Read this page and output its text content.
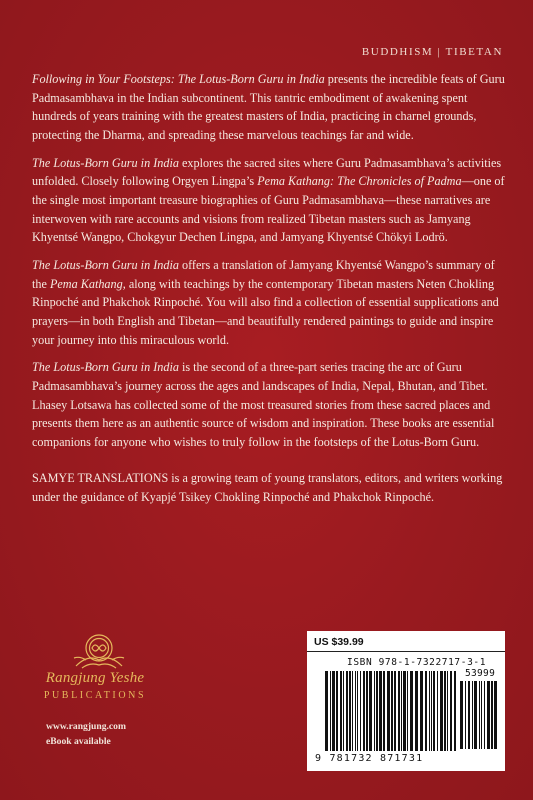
BUDDHISM | TIBETAN

Following in Your Footsteps: The Lotus-Born Guru in India presents the incredible feats of Guru Padmasambhava in the Indian subcontinent. This tantric embodiment of awakening spent hundreds of years training with the greatest masters of India, practicing in charnel grounds, protecting the Dharma, and spreading these marvelous teachings far and wide.

The Lotus-Born Guru in India explores the sacred sites where Guru Padmasambhava’s activities unfolded. Closely following Orgyen Lingpa’s Pema Kathang: The Chronicles of Padma—one of the single most important treasure biographies of Guru Padmasambhava—these narratives are interwoven with rare accounts and visions from realized Tibetan masters such as Jamyang Khyentsé Wangpo, Chokgyur Dechen Lingpa, and Jamyang Khyentsé Chökyi Lodrö.

The Lotus-Born Guru in India offers a translation of Jamyang Khyentsé Wangpo’s summary of the Pema Kathang, along with teachings by the contemporary Tibetan masters Neten Chokling Rinpoché and Phakchok Rinpoché. You will also find a collection of essential supplications and prayers—in both English and Tibetan—and beautifully rendered paintings to guide and inspire your journey into this miraculous world.

The Lotus-Born Guru in India is the second of a three-part series tracing the arc of Guru Padmasambhava’s journey across the ages and landscapes of India, Nepal, Bhutan, and Tibet. Lhasey Lotsawa has collected some of the most treasured stories from these sacred places and presents them here as an authentic source of wisdom and inspiration. These books are essential companions for anyone who wishes to truly follow in the footsteps of the Lotus-Born Guru.

SAMYE TRANSLATIONS is a growing team of young translators, editors, and writers working under the guidance of Kyapjé Tsikey Chokling Rinpoché and Phakchok Rinpoché.

Rangjung Yeshe
PUBLICATIONS
www.rangjung.com
eBook available
US $39.99
ISBN 978-1-7322717-3-1
53999
9 781732 871731
